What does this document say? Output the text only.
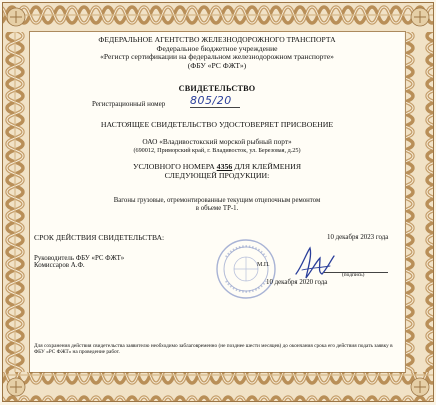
ФЕДЕРАЛЬНОЕ АГЕНТСТВО ЖЕЛЕЗНОДОРОЖНОГО ТРАНСПОРТА
Федеральное бюджетное учреждение
«Регистр сертификации на федеральном железнодорожном транспорте»
(ФБУ «РС ФЖТ»)
СВИДЕТЕЛЬСТВО
Регистрационный номер 805/20
НАСТОЯЩЕЕ СВИДЕТЕЛЬСТВО УДОСТОВЕРЯЕТ ПРИСВОЕНИЕ
ОАО «Владивостокский морской рыбный порт»
(690012, Приморский край, г. Владивосток, ул. Березовая, д.25)
УСЛОВНОГО НОМЕРА 4356 ДЛЯ КЛЕЙМЕНИЯ
СЛЕДУЮЩЕЙ ПРОДУКЦИИ:
Вагоны грузовые, отремонтированные текущим отцепочным ремонтом
в объеме ТР-1.
СРОК ДЕЙСТВИЯ СВИДЕТЕЛЬСТВА:	10 декабря 2023 года
Руководитель ФБУ «РС ФЖТ»
Комиссаров А.Ф.	М.П.
(подпись)
10 декабря 2020 года
Для сохранения действия свидетельства заявителю необходимо заблаговременно (не позднее шести месяцев) до окончания срока его действия подать заявку в ФБУ «РС ФЖТ» на проведение работ.
